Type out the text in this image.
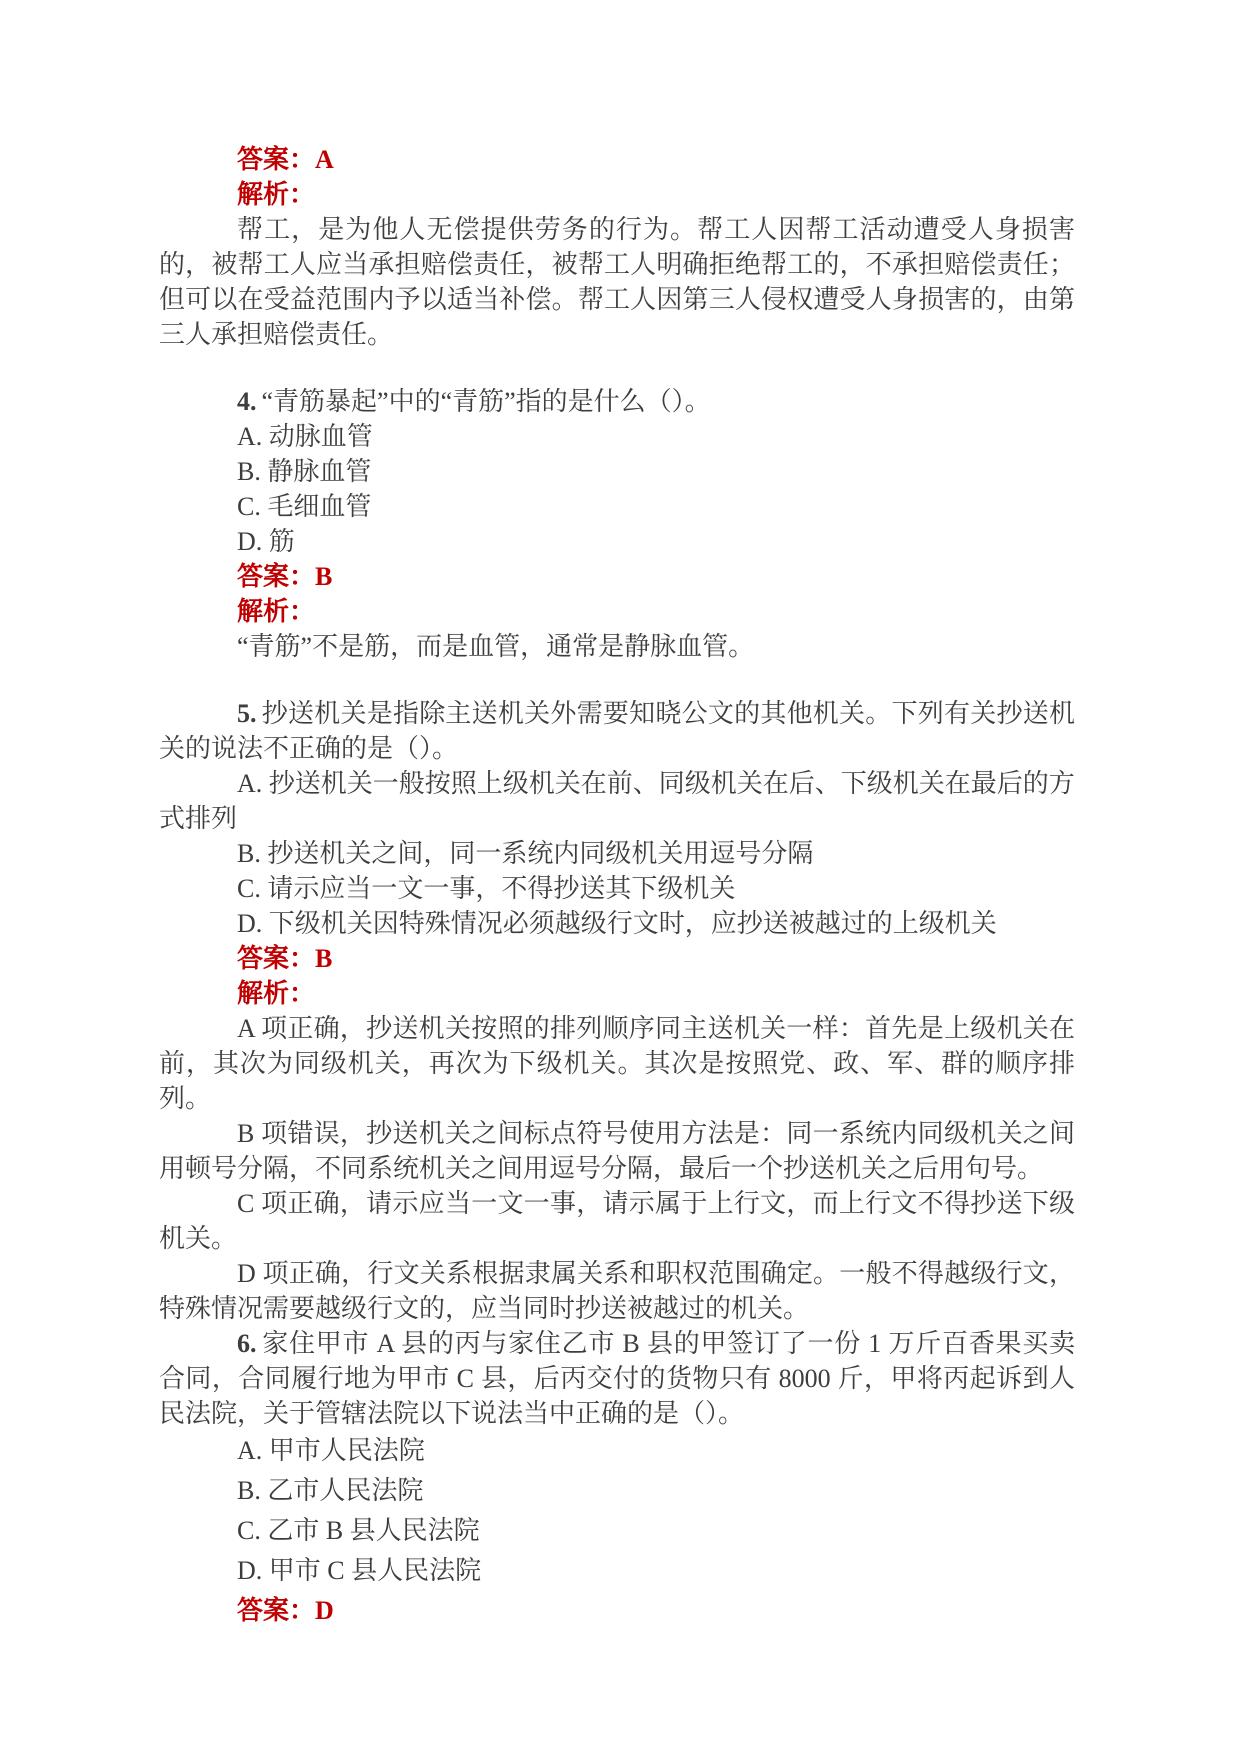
答案：A

解析：

帮工，是为他人无偿提供劳务的行为。帮工人因帮工活动遭受人身损害的，被帮工人应当承担赔偿责任，被帮工人明确拒绝帮工的，不承担赔偿责任；但可以在受益范围内予以适当补偿。帮工人因第三人侵权遭受人身损害的，由第三人承担赔偿责任。

4. “青筋暴起”中的“青筋”指的是什么（）。

A. 动脉血管

B. 静脉血管

C. 毛细血管

D. 筋

答案：B

解析：

“青筋”不是筋，而是血管，通常是静脉血管。

5. 抄送机关是指除主送机关外需要知晓公文的其他机关。下列有关抄送机关的说法不正确的是（）。

A. 抄送机关一般按照上级机关在前、同级机关在后、下级机关在最后的方式排列

B. 抄送机关之间，同一系统内同级机关用逗号分隔

C. 请示应当一文一事，不得抄送其下级机关

D. 下级机关因特殊情况必须越级行文时，应抄送被越过的上级机关

答案：B

解析：

A 项正确，抄送机关按照的排列顺序同主送机关一样：首先是上级机关在前，其次为同级机关，再次为下级机关。其次是按照党、政、军、群的顺序排列。

B 项错误，抄送机关之间标点符号使用方法是：同一系统内同级机关之间用顿号分隔，不同系统机关之间用逗号分隔，最后一个抄送机关之后用句号。

C 项正确，请示应当一文一事，请示属于上行文，而上行文不得抄送下级机关。

D 项正确，行文关系根据隶属关系和职权范围确定。一般不得越级行文，特殊情况需要越级行文的，应当同时抄送被越过的机关。

6. 家住甲市 A 县的丙与家住乙市 B 县的甲签订了一份 1 万斤百香果买卖合同，合同履行地为甲市 C 县，后丙交付的货物只有 8000 斤，甲将丙起诉到人民法院，关于管辖法院以下说法当中正确的是（）。

A. 甲市人民法院

B. 乙市人民法院

C. 乙市 B 县人民法院

D. 甲市 C 县人民法院

答案：D
